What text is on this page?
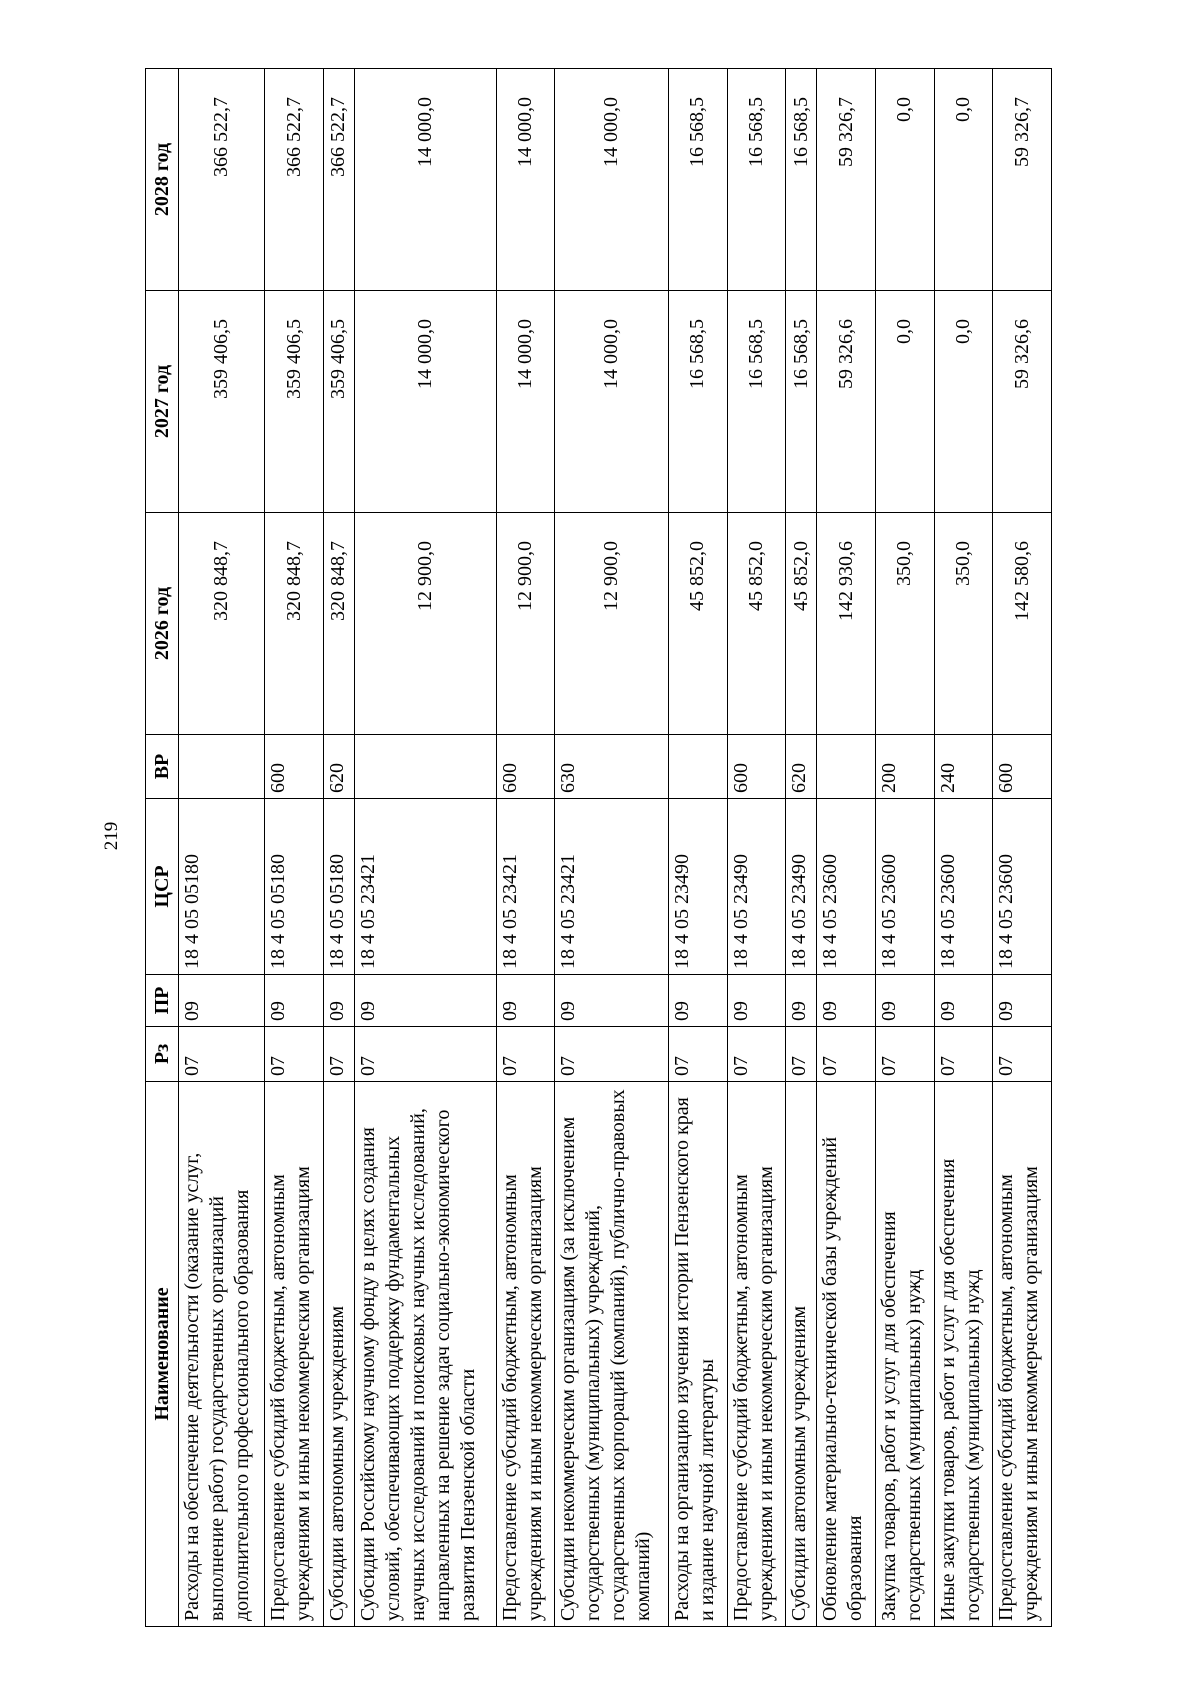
219
Наименование	Рз	ПР	ЦСР	ВР	2026 год	2027 год	2028 год
Расходы на обеспечение деятельности (оказание услуг, выполнение работ) государственных организаций дополнительного профессионального образования	07	09	18 4 05 05180		320 848,7	359 406,5	366 522,7
Предоставление субсидий бюджетным, автономным учреждениям и иным некоммерческим организациям	07	09	18 4 05 05180	600	320 848,7	359 406,5	366 522,7
Субсидии автономным учреждениям	07	09	18 4 05 05180	620	320 848,7	359 406,5	366 522,7
Субсидии Российскому научному фонду в целях создания условий, обеспечивающих поддержку фундаментальных научных исследований и поисковых научных исследований, направленных на решение задач социально-экономического развития Пензенской области	07	09	18 4 05 23421		12 900,0	14 000,0	14 000,0
Предоставление субсидий бюджетным, автономным учреждениям и иным некоммерческим организациям	07	09	18 4 05 23421	600	12 900,0	14 000,0	14 000,0
Субсидии некоммерческим организациям (за исключением государственных (муниципальных) учреждений, государственных корпораций (компаний), публично-правовых компаний)	07	09	18 4 05 23421	630	12 900,0	14 000,0	14 000,0
Расходы на организацию изучения истории Пензенского края и издание научной литературы	07	09	18 4 05 23490		45 852,0	16 568,5	16 568,5
Предоставление субсидий бюджетным, автономным учреждениям и иным некоммерческим организациям	07	09	18 4 05 23490	600	45 852,0	16 568,5	16 568,5
Субсидии автономным учреждениям	07	09	18 4 05 23490	620	45 852,0	16 568,5	16 568,5
Обновление материально-технической базы учреждений образования	07	09	18 4 05 23600		142 930,6	59 326,6	59 326,7
Закупка товаров, работ и услуг для обеспечения государственных (муниципальных) нужд	07	09	18 4 05 23600	200	350,0	0,0	0,0
Иные закупки товаров, работ и услуг для обеспечения государственных (муниципальных) нужд	07	09	18 4 05 23600	240	350,0	0,0	0,0
Предоставление субсидий бюджетным, автономным учреждениям и иным некоммерческим организациям	07	09	18 4 05 23600	600	142 580,6	59 326,6	59 326,7
